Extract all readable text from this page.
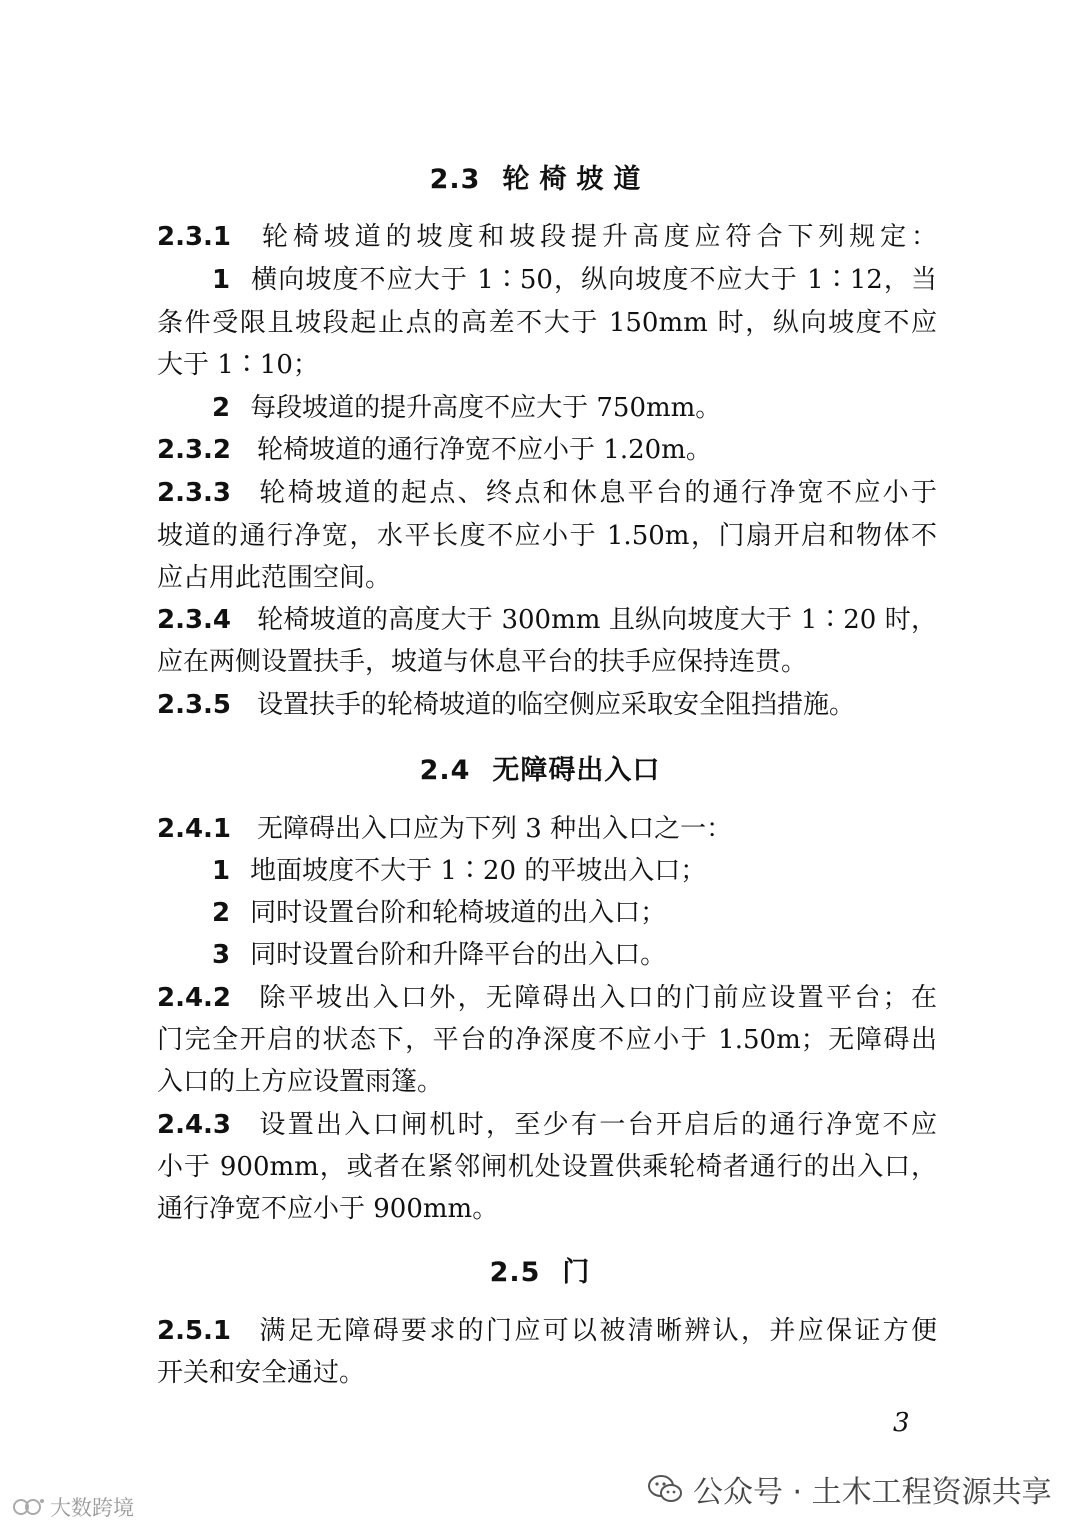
2.3 轮椅坡道
2.3.1 轮椅坡道的坡度和坡段提升高度应符合下列规定：
1 横向坡度不应大于 1∶50，纵向坡度不应大于 1∶12，当
条件受限且坡段起止点的高差不大于 150mm 时，纵向坡度不应
大于 1∶10；
2 每段坡道的提升高度不应大于 750mm。
2.3.2 轮椅坡道的通行净宽不应小于 1.20m。
2.3.3 轮椅坡道的起点、终点和休息平台的通行净宽不应小于
坡道的通行净宽，水平长度不应小于 1.50m，门扇开启和物体不
应占用此范围空间。
2.3.4 轮椅坡道的高度大于 300mm 且纵向坡度大于 1∶20 时，
应在两侧设置扶手，坡道与休息平台的扶手应保持连贯。
2.3.5 设置扶手的轮椅坡道的临空侧应采取安全阻挡措施。
2.4 无障碍出入口
2.4.1 无障碍出入口应为下列 3 种出入口之一：
1 地面坡度不大于 1∶20 的平坡出入口；
2 同时设置台阶和轮椅坡道的出入口；
3 同时设置台阶和升降平台的出入口。
2.4.2 除平坡出入口外，无障碍出入口的门前应设置平台；在
门完全开启的状态下，平台的净深度不应小于 1.50m；无障碍出
入口的上方应设置雨篷。
2.4.3 设置出入口闸机时，至少有一台开启后的通行净宽不应
小于 900mm，或者在紧邻闸机处设置供乘轮椅者通行的出入口，
通行净宽不应小于 900mm。
2.5 门
2.5.1 满足无障碍要求的门应可以被清晰辨认，并应保证方便
开关和安全通过。
3
公众号 · 土木工程资源共享
大数跨境
